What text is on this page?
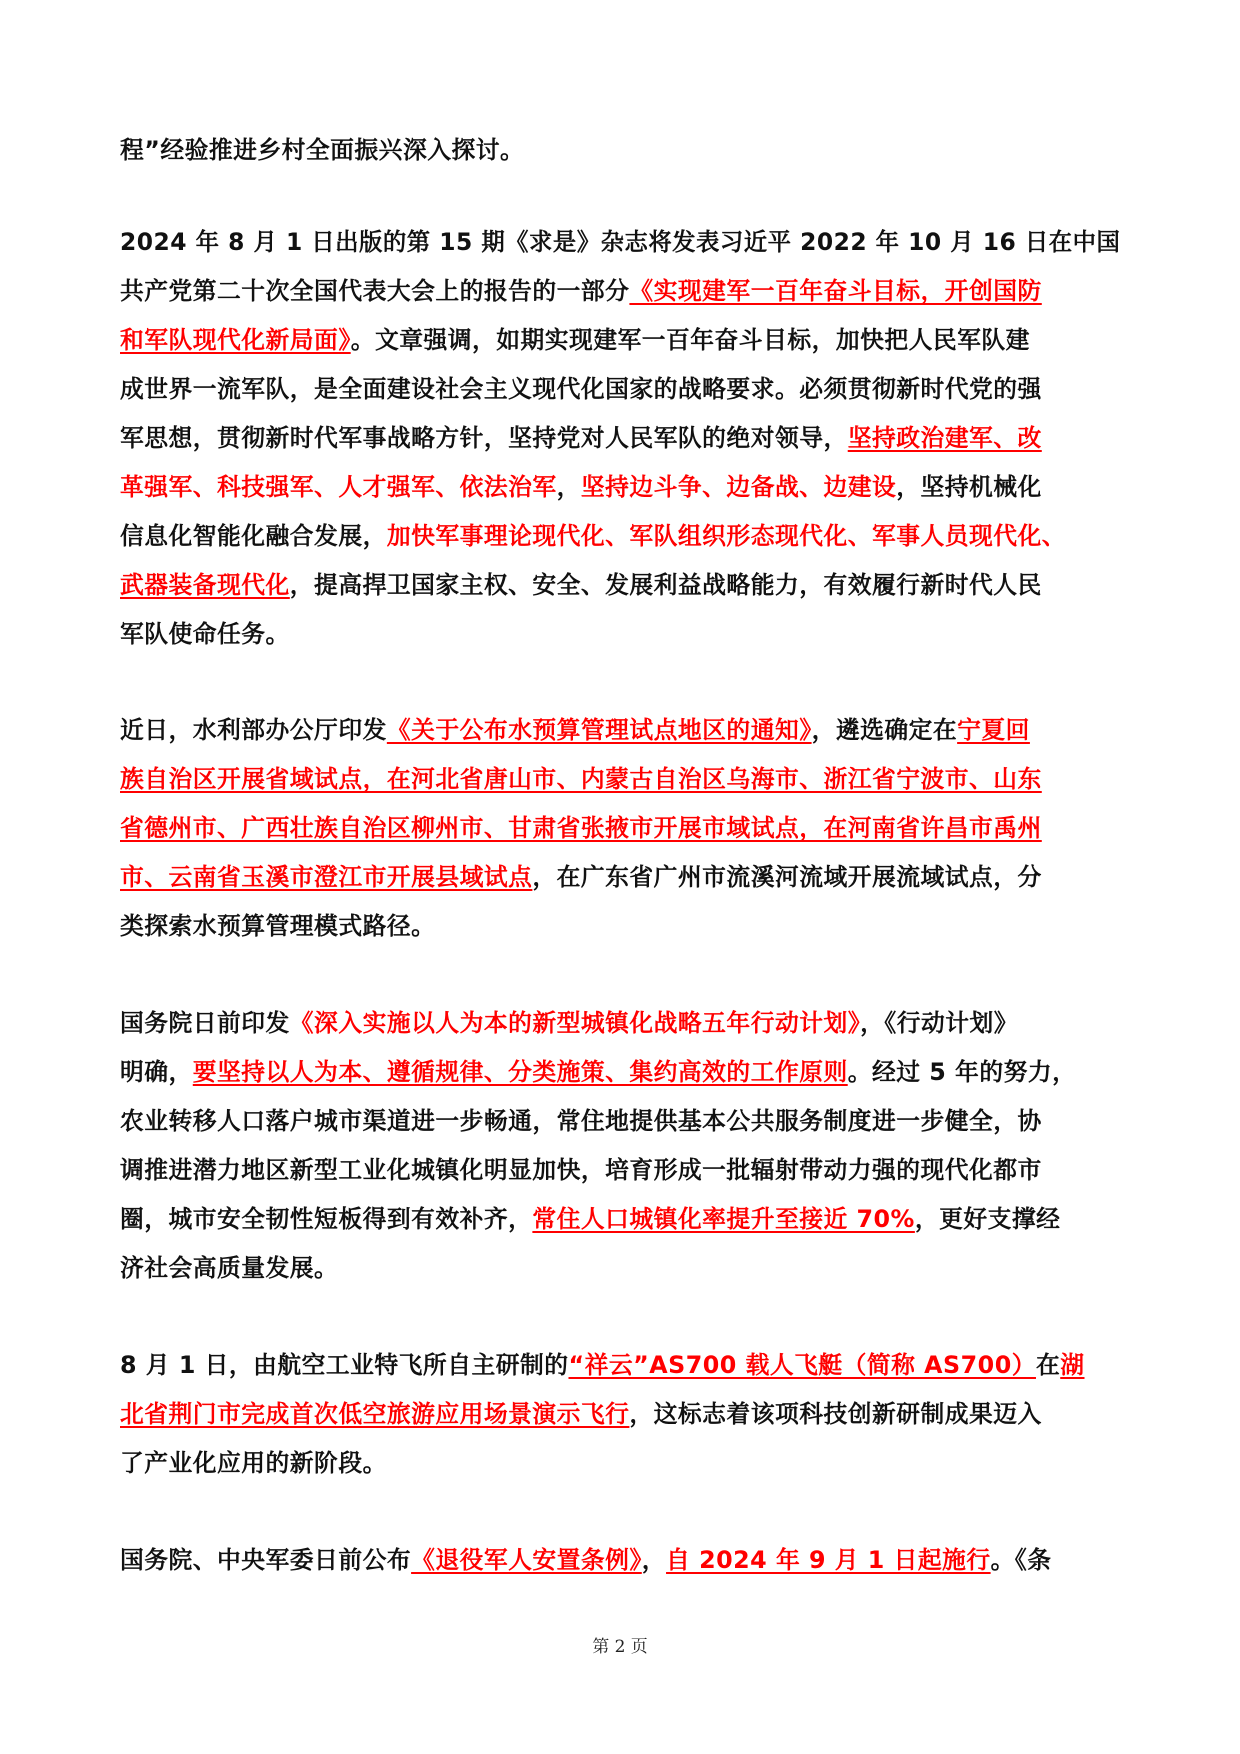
程”经验推进乡村全面振兴深入探讨。
2024 年 8 月 1 日出版的第 15 期《求是》杂志将发表习近平 2022 年 10 月 16 日在中国
共产党第二十次全国代表大会上的报告的一部分《实现建军一百年奋斗目标，开创国防
和军队现代化新局面》。文章强调，如期实现建军一百年奋斗目标，加快把人民军队建
成世界一流军队，是全面建设社会主义现代化国家的战略要求。必须贯彻新时代党的强
军思想，贯彻新时代军事战略方针，坚持党对人民军队的绝对领导，坚持政治建军、改
革强军、科技强军、人才强军、依法治军，坚持边斗争、边备战、边建设，坚持机械化
信息化智能化融合发展，加快军事理论现代化、军队组织形态现代化、军事人员现代化、
武器装备现代化，提高捍卫国家主权、安全、发展利益战略能力，有效履行新时代人民
军队使命任务。
近日，水利部办公厅印发《关于公布水预算管理试点地区的通知》，遴选确定在宁夏回
族自治区开展省域试点，在河北省唐山市、内蒙古自治区乌海市、浙江省宁波市、山东
省德州市、广西壮族自治区柳州市、甘肃省张掖市开展市域试点，在河南省许昌市禹州
市、云南省玉溪市澄江市开展县域试点，在广东省广州市流溪河流域开展流域试点，分
类探索水预算管理模式路径。
国务院日前印发《深入实施以人为本的新型城镇化战略五年行动计划》，《行动计划》
明确，要坚持以人为本、遵循规律、分类施策、集约高效的工作原则。经过 5 年的努力，
农业转移人口落户城市渠道进一步畅通，常住地提供基本公共服务制度进一步健全，协
调推进潜力地区新型工业化城镇化明显加快，培育形成一批辐射带动力强的现代化都市
圈，城市安全韧性短板得到有效补齐，常住人口城镇化率提升至接近 70%，更好支撑经
济社会高质量发展。
8 月 1 日，由航空工业特飞所自主研制的“祥云”AS700 载人飞艇（简称 AS700）在湖
北省荆门市完成首次低空旅游应用场景演示飞行，这标志着该项科技创新研制成果迈入
了产业化应用的新阶段。
国务院、中央军委日前公布《退役军人安置条例》，自 2024 年 9 月 1 日起施行。《条
第 2 页
